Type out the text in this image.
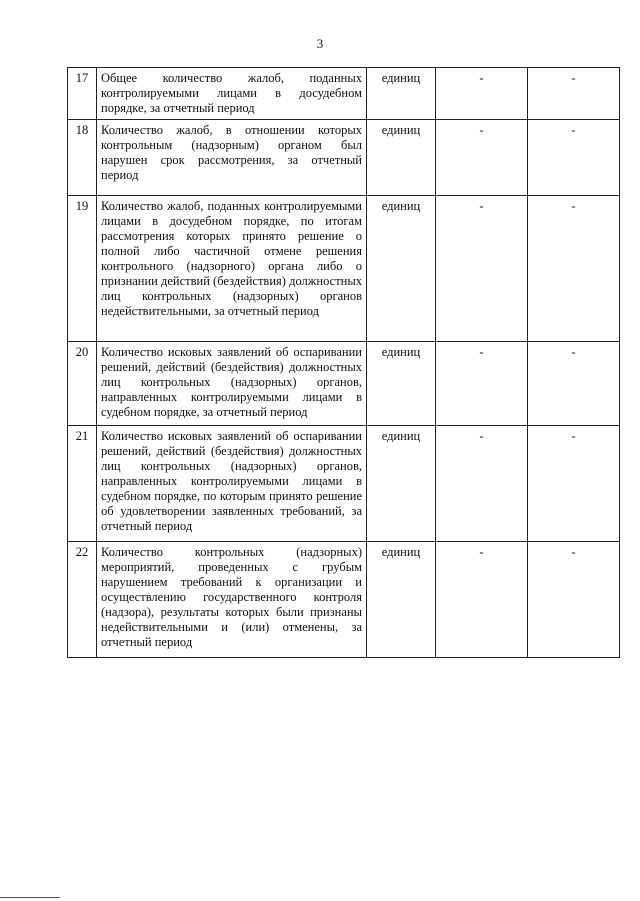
3
17	Общее количество жалоб, поданных контролируемыми лицами в досудебном порядке, за отчетный период	единиц	-	-
18	Количество жалоб, в отношении которых контрольным (надзорным) органом был нарушен срок рассмотрения, за отчетный период	единиц	-	-
19	Количество жалоб, поданных контролируемыми лицами в досудебном порядке, по итогам рассмотрения которых принято решение о полной либо частичной отмене решения контрольного (надзорного) органа либо о признании действий (бездействия) должностных лиц контрольных (надзорных) органов недействительными, за отчетный период	единиц	-	-
20	Количество исковых заявлений об оспаривании решений, действий (бездействия) должностных лиц контрольных (надзорных) органов, направленных контролируемыми лицами в судебном порядке, за отчетный период	единиц	-	-
21	Количество исковых заявлений об оспаривании решений, действий (бездействия) должностных лиц контрольных (надзорных) органов, направленных контролируемыми лицами в судебном порядке, по которым принято решение об удовлетворении заявленных требований, за отчетный период	единиц	-	-
22	Количество контрольных (надзорных) мероприятий, проведенных с грубым нарушением требований к организации и осуществлению государственного контроля (надзора), результаты которых были признаны недействительными и (или) отменены, за отчетный период	единиц	-	-
